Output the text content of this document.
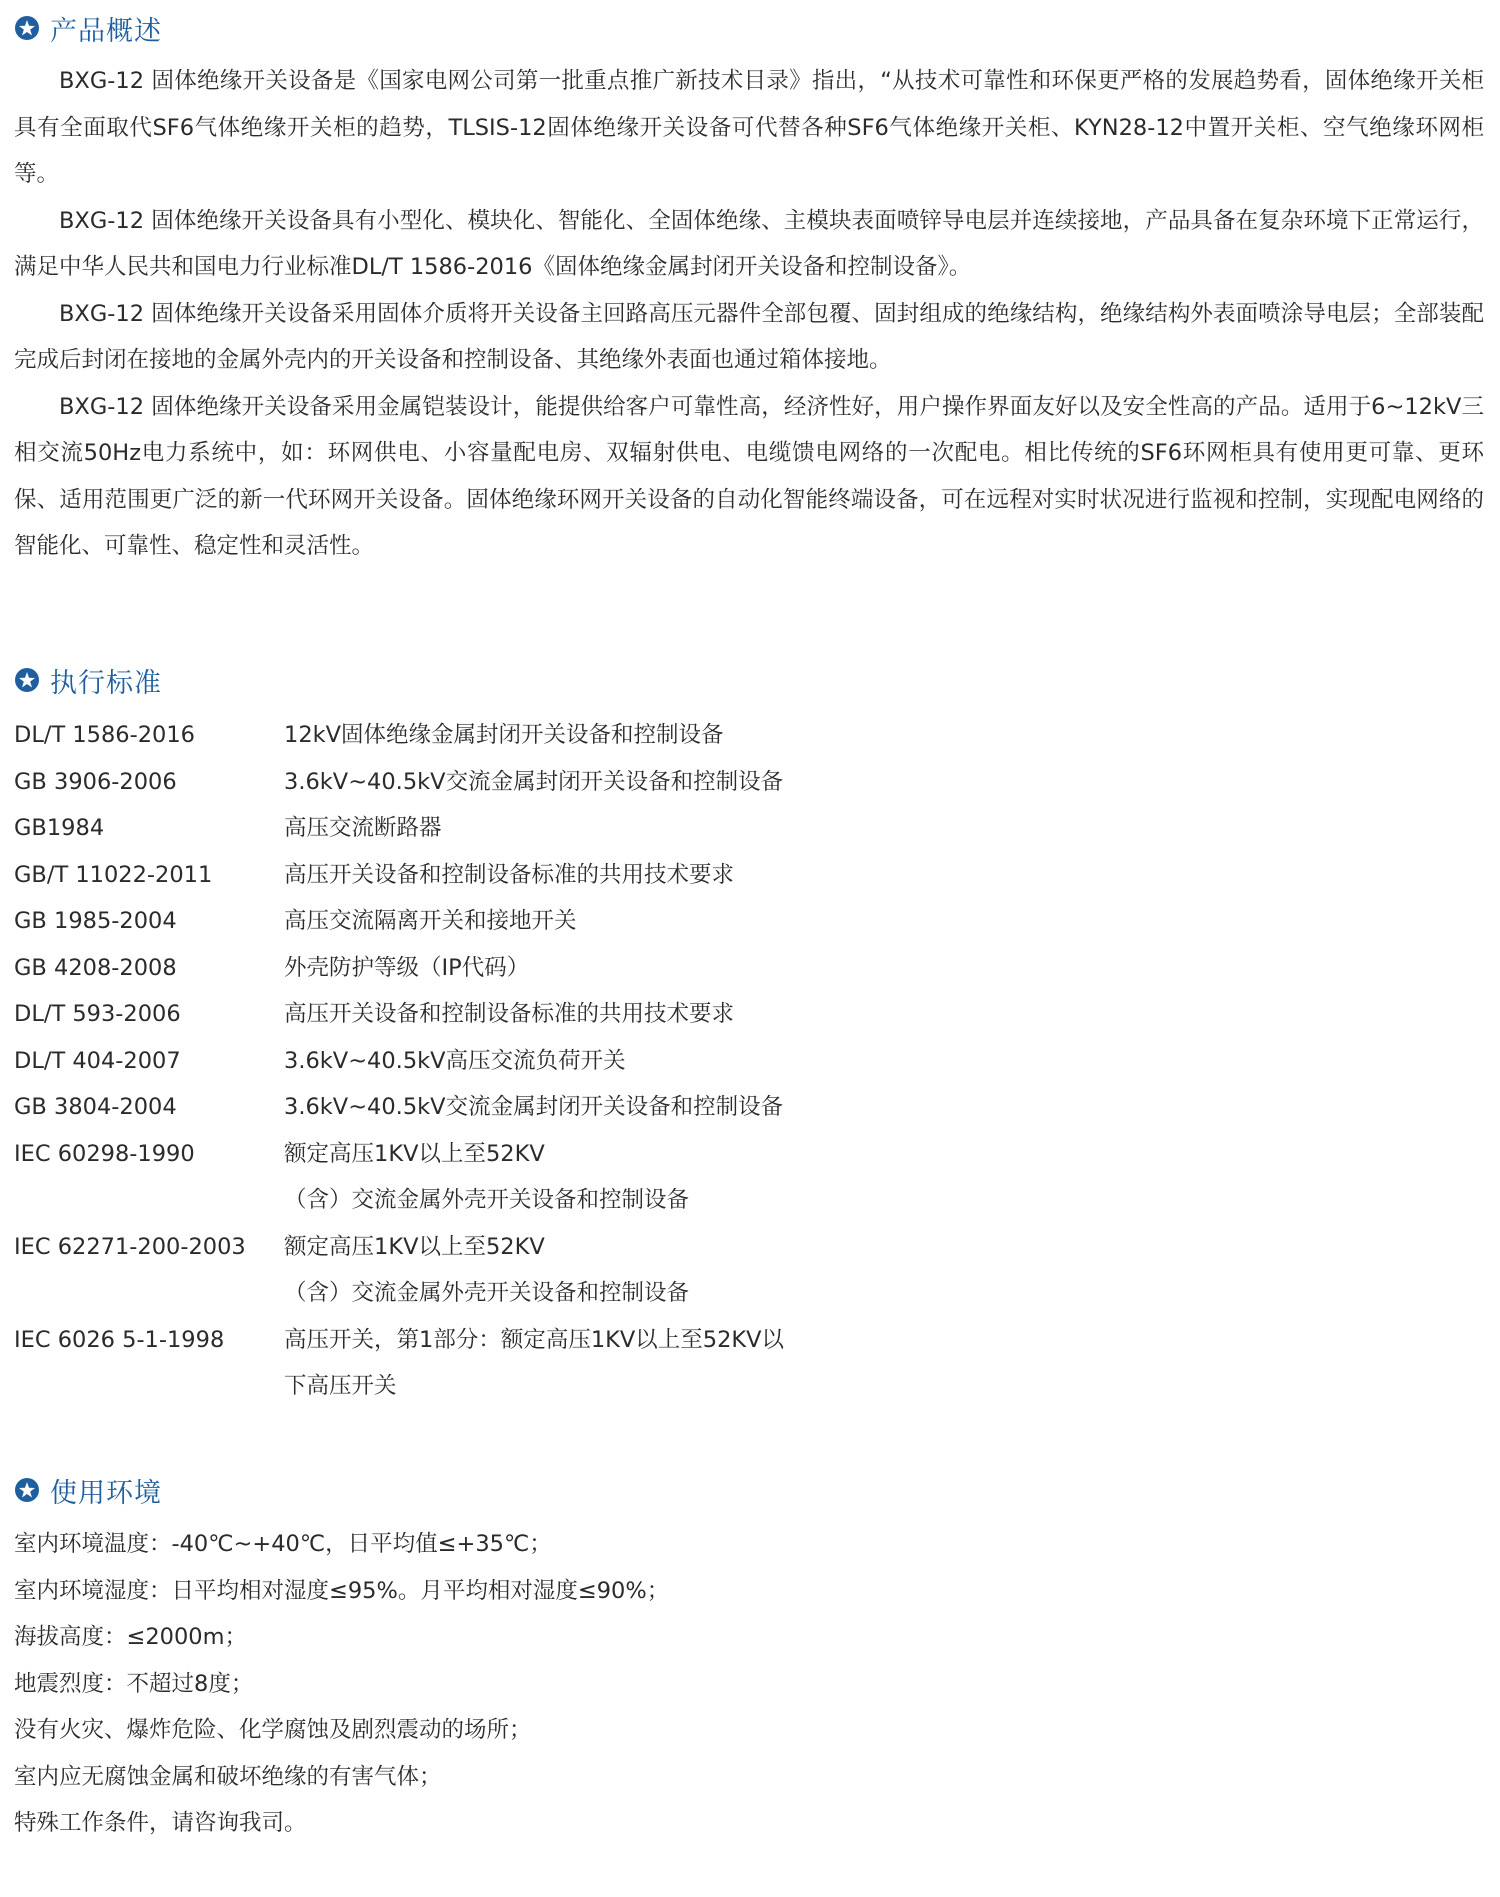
产品概述

BXG-12 固体绝缘开关设备是《国家电网公司第一批重点推广新技术目录》指出，“从技术可靠性和环保更严格的发展趋势看，固体绝缘开关柜具有全面取代SF6气体绝缘开关柜的趋势，TLSIS-12固体绝缘开关设备可代替各种SF6气体绝缘开关柜、KYN28-12中置开关柜、空气绝缘环网柜等。

BXG-12 固体绝缘开关设备具有小型化、模块化、智能化、全固体绝缘、主模块表面喷锌导电层并连续接地，产品具备在复杂环境下正常运行，满足中华人民共和国电力行业标准DL/T 1586-2016《固体绝缘金属封闭开关设备和控制设备》。

BXG-12 固体绝缘开关设备采用固体介质将开关设备主回路高压元器件全部包覆、固封组成的绝缘结构，绝缘结构外表面喷涂导电层；全部装配完成后封闭在接地的金属外壳内的开关设备和控制设备、其绝缘外表面也通过箱体接地。

BXG-12 固体绝缘开关设备采用金属铠装设计，能提供给客户可靠性高，经济性好，用户操作界面友好以及安全性高的产品。适用于6~12kV三相交流50Hz电力系统中，如：环网供电、小容量配电房、双辐射供电、电缆馈电网络的一次配电。相比传统的SF6环网柜具有使用更可靠、更环保、适用范围更广泛的新一代环网开关设备。固体绝缘环网开关设备的自动化智能终端设备，可在远程对实时状况进行监视和控制，实现配电网络的智能化、可靠性、稳定性和灵活性。

执行标准
DL/T 1586-2016	12kV固体绝缘金属封闭开关设备和控制设备
GB 3906-2006	3.6kV~40.5kV交流金属封闭开关设备和控制设备
GB1984	高压交流断路器
GB/T 11022-2011	高压开关设备和控制设备标准的共用技术要求
GB 1985-2004	高压交流隔离开关和接地开关
GB 4208-2008	外壳防护等级（IP代码）
DL/T 593-2006	高压开关设备和控制设备标准的共用技术要求
DL/T 404-2007	3.6kV~40.5kV高压交流负荷开关
GB 3804-2004	3.6kV~40.5kV交流金属封闭开关设备和控制设备
IEC 60298-1990	额定高压1KV以上至52KV
（含）交流金属外壳开关设备和控制设备
IEC 62271-200-2003	额定高压1KV以上至52KV
（含）交流金属外壳开关设备和控制设备
IEC 6026 5-1-1998	高压开关，第1部分：额定高压1KV以上至52KV以
下高压开关
使用环境
室内环境温度：-40℃~+40℃，日平均值≤+35℃；
室内环境湿度：日平均相对湿度≤95%。月平均相对湿度≤90%；
海拔高度：≤2000m；
地震烈度：不超过8度；
没有火灾、爆炸危险、化学腐蚀及剧烈震动的场所；
室内应无腐蚀金属和破坏绝缘的有害气体；
特殊工作条件，请咨询我司。
